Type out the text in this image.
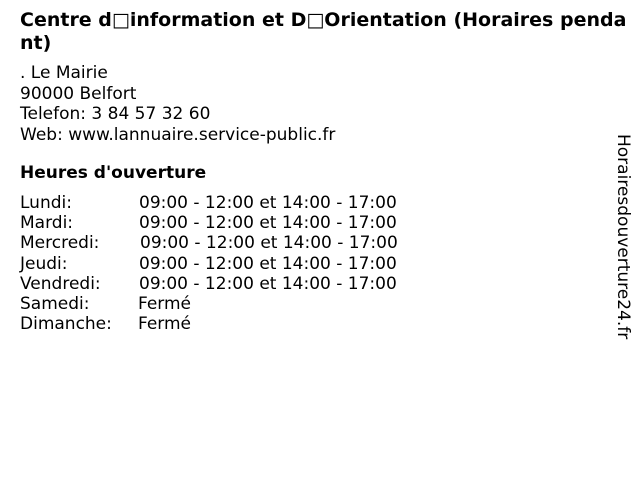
Centre d□information et D□Orientation (Horaires pendant)
. Le Mairie
90000 Belfort
Telefon: 3 84 57 32 60
Web: www.lannuaire.service-public.fr
Heures d'ouverture
Lundi:	09:00 - 12:00 et 14:00 - 17:00
Mardi:	09:00 - 12:00 et 14:00 - 17:00
Mercredi: 09:00 - 12:00 et 14:00 - 17:00
Jeudi:	09:00 - 12:00 et 14:00 - 17:00
Vendredi: 09:00 - 12:00 et 14:00 - 17:00
Samedi:	Fermé
Dimanche: Fermé	Horairesdouverture24.fr
